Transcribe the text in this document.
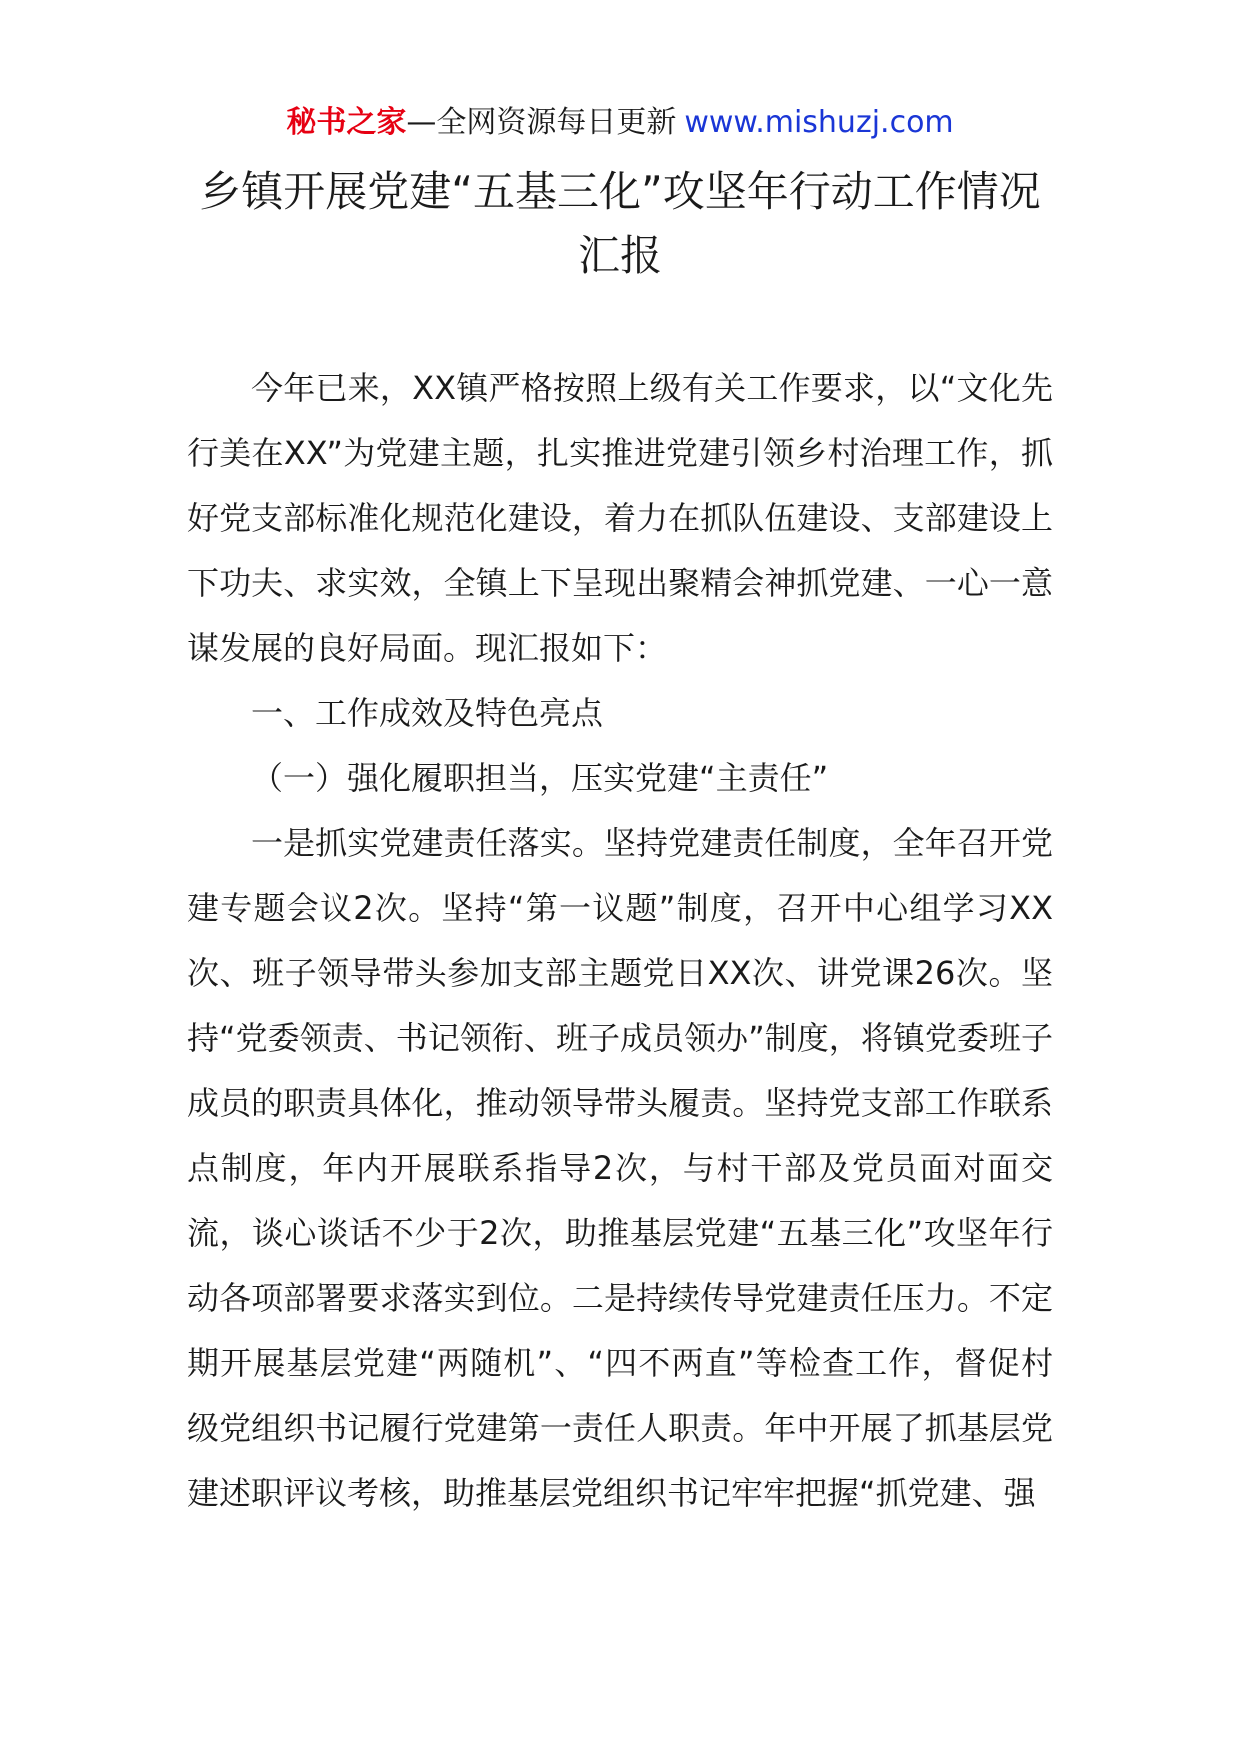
秘书之家—全网资源每日更新 www.mishuzj.com
乡镇开展党建“五基三化”攻坚年行动工作情况汇报

今年已来，XX镇严格按照上级有关工作要求，以“文化先行美在XX”为党建主题，扎实推进党建引领乡村治理工作，抓好党支部标准化规范化建设，着力在抓队伍建设、支部建设上下功夫、求实效，全镇上下呈现出聚精会神抓党建、一心一意谋发展的良好局面。现汇报如下：

一、工作成效及特色亮点

（一）强化履职担当，压实党建“主责任”

一是抓实党建责任落实。坚持党建责任制度，全年召开党建专题会议2次。坚持“第一议题”制度，召开中心组学习XX次、班子领导带头参加支部主题党日XX次、讲党课26次。坚持“党委领责、书记领衔、班子成员领办”制度，将镇党委班子成员的职责具体化，推动领导带头履责。坚持党支部工作联系点制度，年内开展联系指导2次，与村干部及党员面对面交流，谈心谈话不少于2次，助推基层党建“五基三化”攻坚年行动各项部署要求落实到位。二是持续传导党建责任压力。不定期开展基层党建“两随机”、“四不两直”等检查工作，督促村级党组织书记履行党建第一责任人职责。年中开展了抓基层党建述职评议考核，助推基层党组织书记牢牢把握“抓党建、强
